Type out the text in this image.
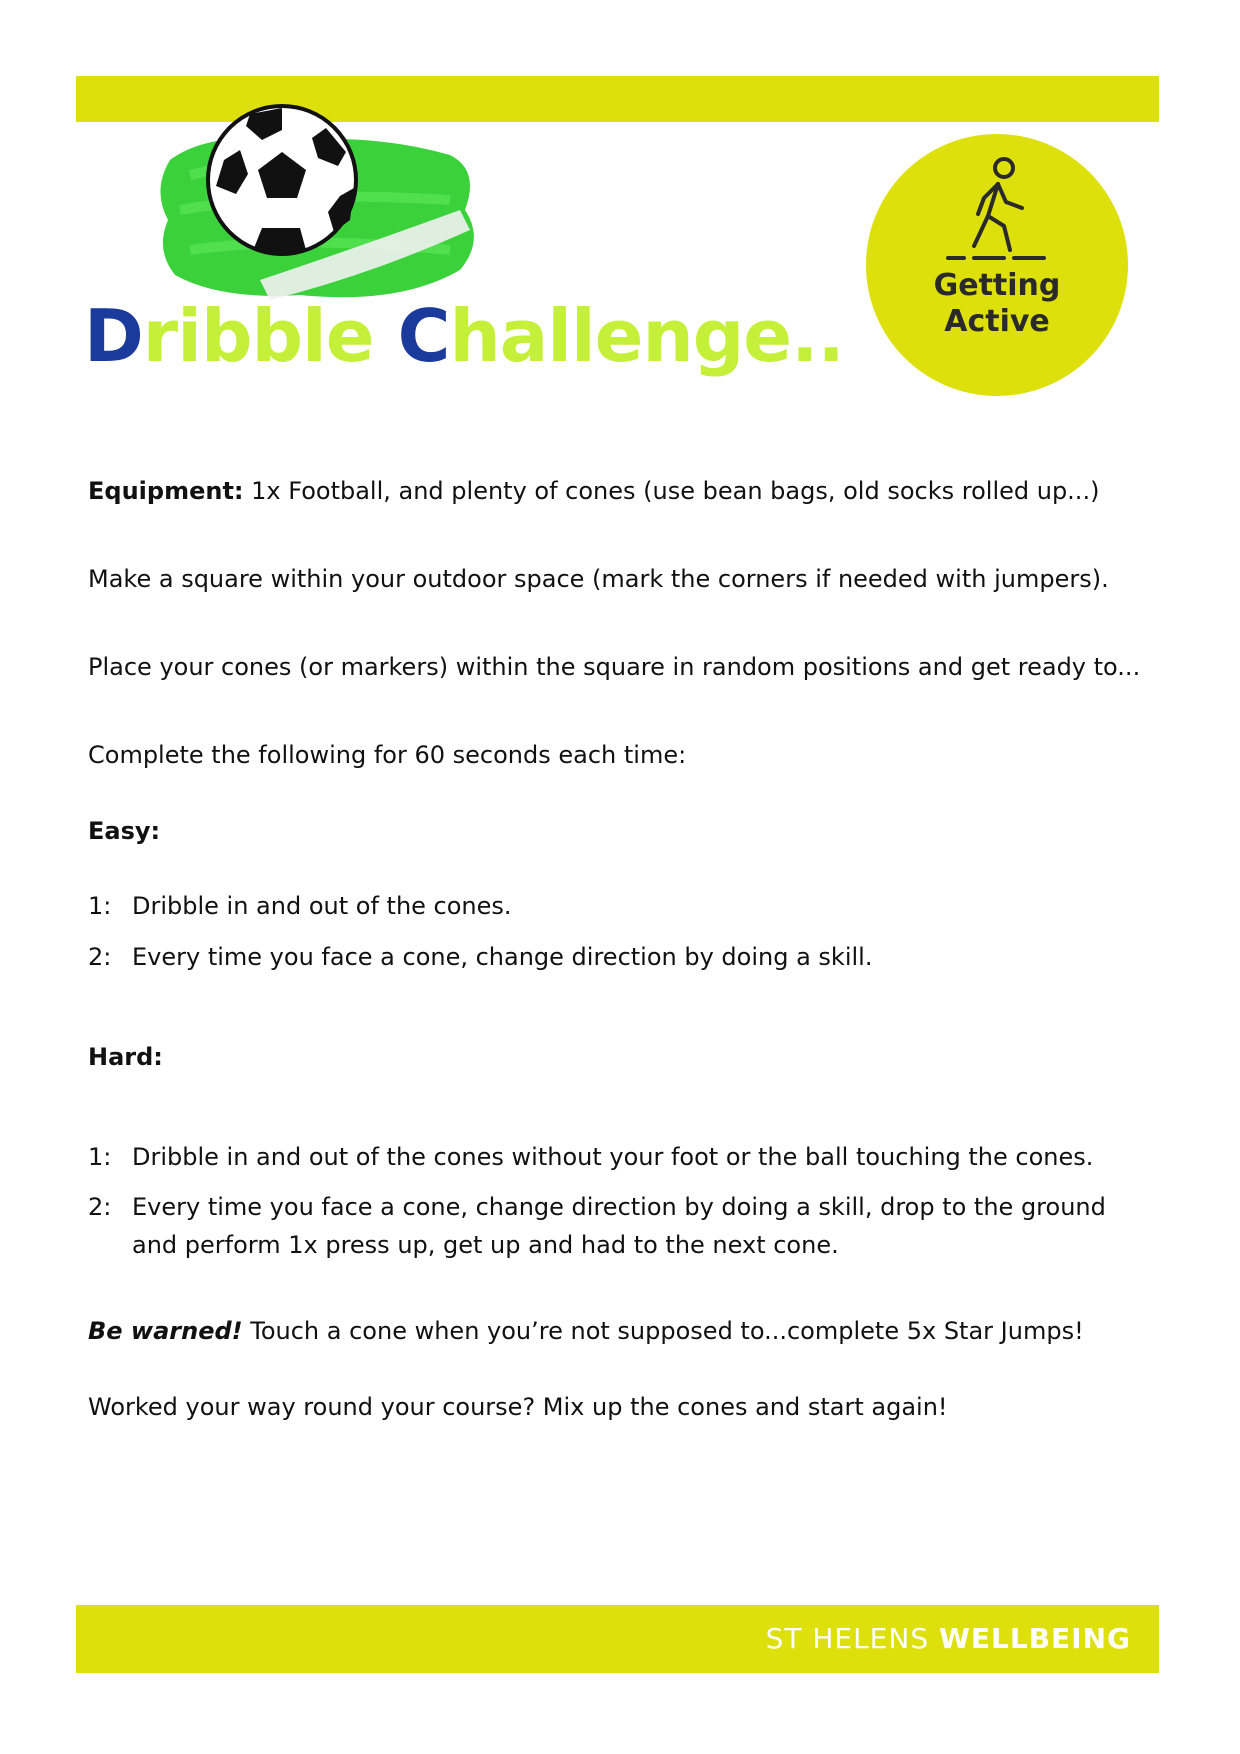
Dribble Challenge..
Getting
Active

Equipment: 1x Football, and plenty of cones (use bean bags, old socks rolled up...)

Make a square within your outdoor space (mark the corners if needed with jumpers).
Place your cones (or markers) within the square in random positions and get ready to...
Complete the following for 60 seconds each time:
Easy:
1: Dribble in and out of the cones.
2: Every time you face a cone, change direction by doing a skill.
Hard:
1: Dribble in and out of the cones without your foot or the ball touching the cones.
2: Every time you face a cone, change direction by doing a skill, drop to the ground and perform 1x press up, get up and had to the next cone.

Be warned! Touch a cone when you’re not supposed to...complete 5x Star Jumps!

Worked your way round your course? Mix up the cones and start again!
ST HELENS WELLBEING
